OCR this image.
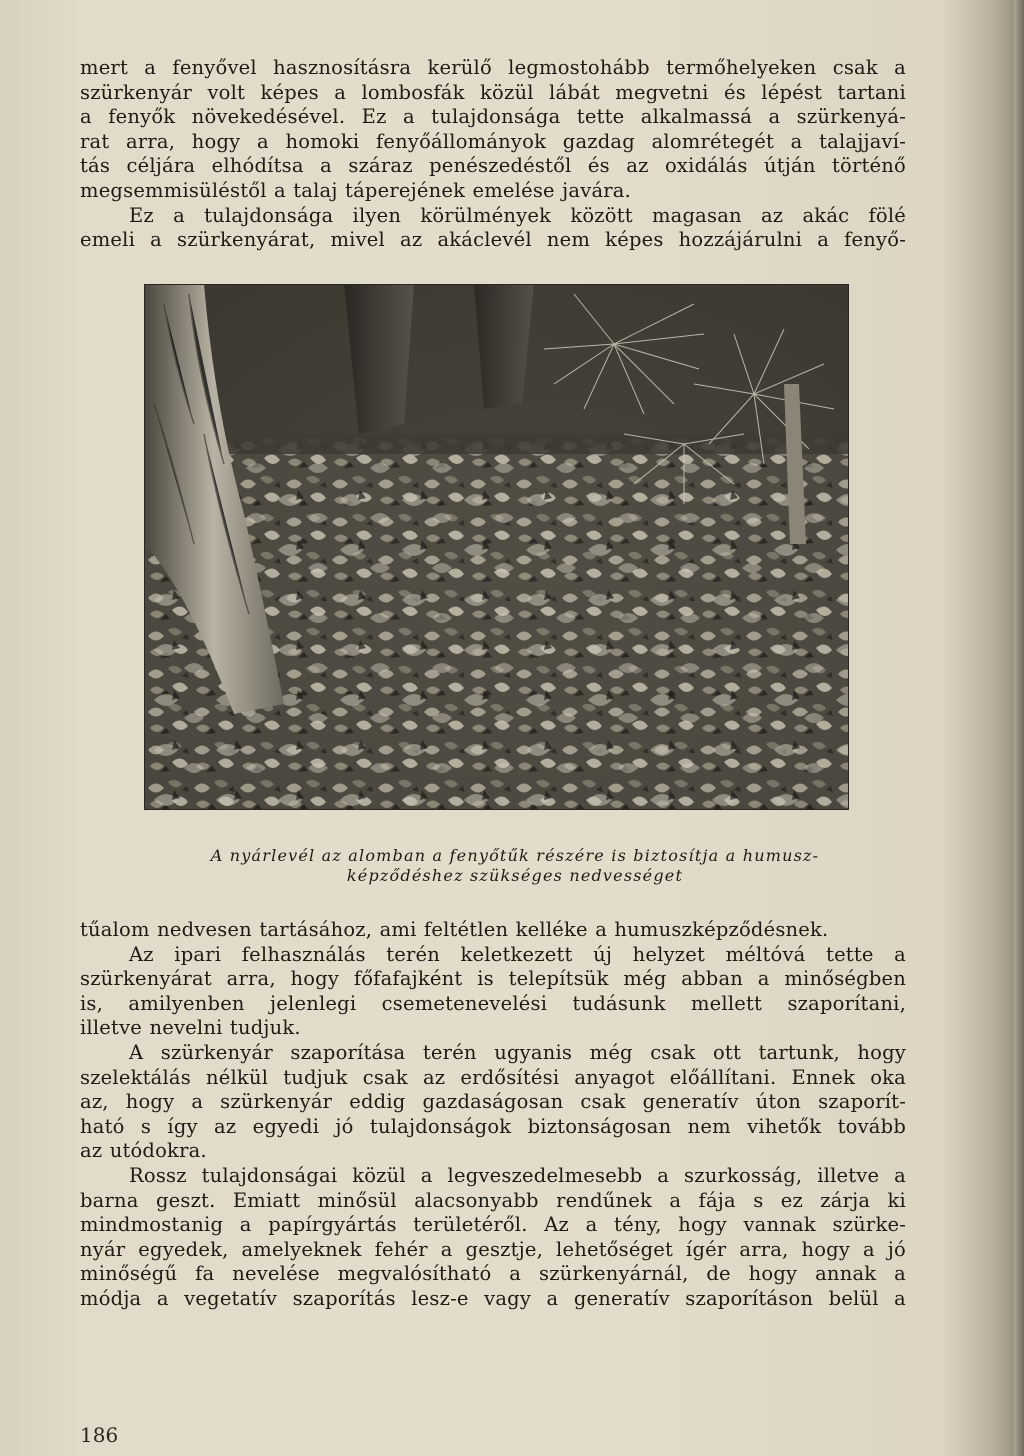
mert a fenyővel hasznosításra kerülő legmostohább termőhelyeken csak a
szürkenyár volt képes a lombosfák közül lábát megvetni és lépést tartani
a fenyők növekedésével. Ez a tulajdonsága tette alkalmassá a szürkenyá-
rat arra, hogy a homoki fenyőállományok gazdag alomrétegét a talajjaví-
tás céljára elhódítsa a száraz penészedéstől és az oxidálás útján történő
megsemmisüléstől a talaj táperejének emelése javára.

Ez a tulajdonsága ilyen körülmények között magasan az akác fölé
emeli a szürkenyárat, mivel az akáclevél nem képes hozzájárulni a fenyő-

A nyárlevél az alomban a fenyőtűk részére is biztosítja a humusz-
képződéshez szükséges nedvességet

tűalom nedvesen tartásához, ami feltétlen kelléke a humuszképződésnek.

Az ipari felhasználás terén keletkezett új helyzet méltóvá tette a
szürkenyárat arra, hogy főfafajként is telepítsük még abban a minőségben
is, amilyenben jelenlegi csemetenevelési tudásunk mellett szaporítani,
illetve nevelni tudjuk.

A szürkenyár szaporítása terén ugyanis még csak ott tartunk, hogy
szelektálás nélkül tudjuk csak az erdősítési anyagot előállítani. Ennek oka
az, hogy a szürkenyár eddig gazdaságosan csak generatív úton szaporít-
ható s így az egyedi jó tulajdonságok biztonságosan nem vihetők tovább
az utódokra.

Rossz tulajdonságai közül a legveszedelmesebb a szurkosság, illetve a
barna geszt. Emiatt minősül alacsonyabb rendűnek a fája s ez zárja ki
mindmostanig a papírgyártás területéről. Az a tény, hogy vannak szürke-
nyár egyedek, amelyeknek fehér a gesztje, lehetőséget ígér arra, hogy a jó
minőségű fa nevelése megvalósítható a szürkenyárnál, de hogy annak a
módja a vegetatív szaporítás lesz-e vagy a generatív szaporításon belül a

186
